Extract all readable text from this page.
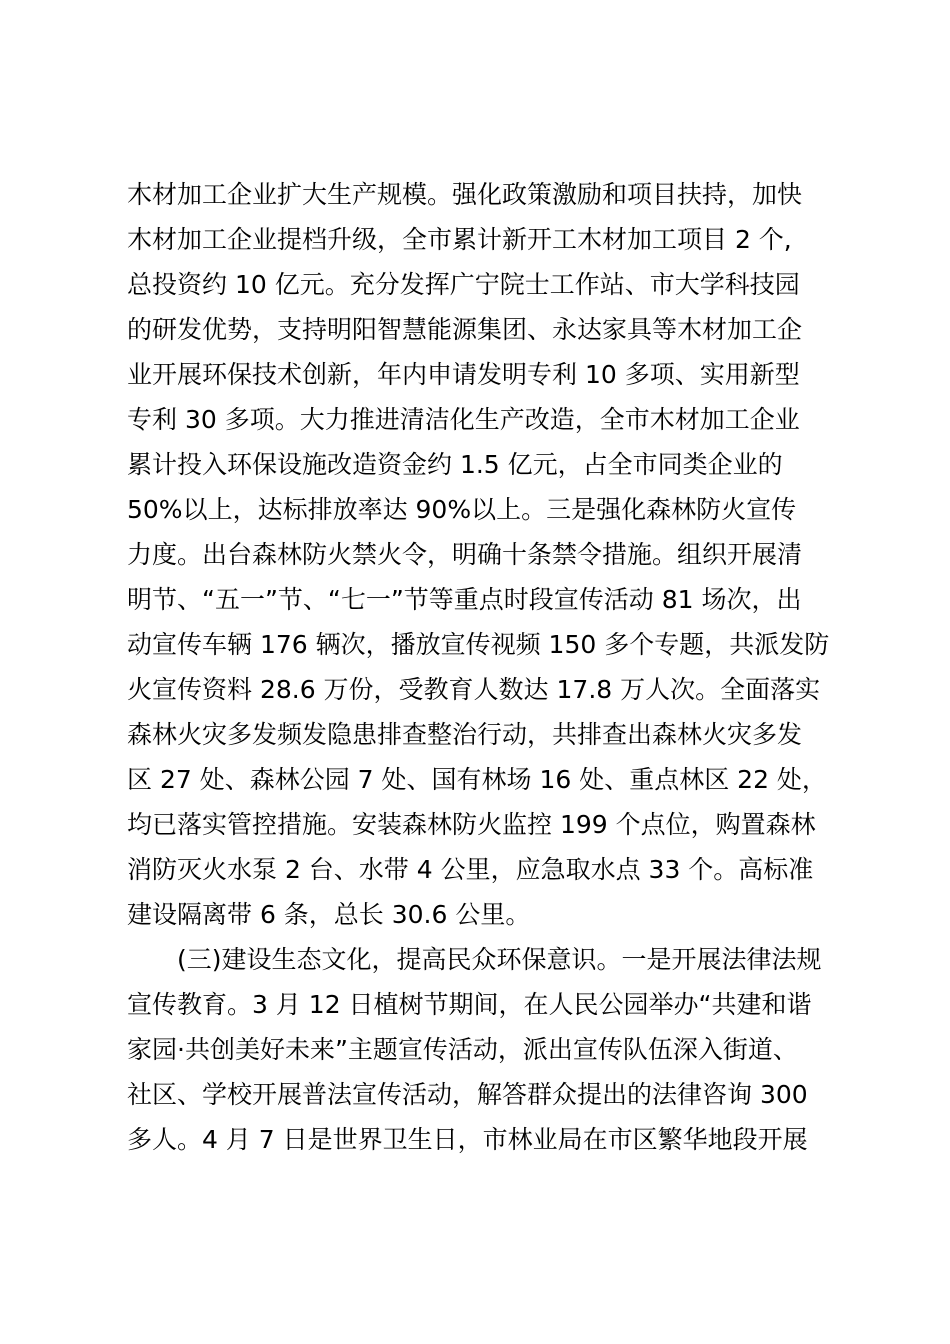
木材加工企业扩大生产规模。强化政策激励和项目扶持，加快
木材加工企业提档升级，全市累计新开工木材加工项目 2 个,
总投资约 10 亿元。充分发挥广宁院士工作站、市大学科技园
的研发优势，支持明阳智慧能源集团、永达家具等木材加工企
业开展环保技术创新，年内申请发明专利 10 多项、实用新型
专利 30 多项。大力推进清洁化生产改造，全市木材加工企业
累计投入环保设施改造资金约 1.5 亿元，占全市同类企业的
50%以上，达标排放率达 90%以上。三是强化森林防火宣传
力度。出台森林防火禁火令，明确十条禁令措施。组织开展清
明节、“五一”节、“七一”节等重点时段宣传活动 81 场次，出
动宣传车辆 176 辆次，播放宣传视频 150 多个专题，共派发防
火宣传资料 28.6 万份，受教育人数达 17.8 万人次。全面落实
森林火灾多发频发隐患排查整治行动，共排查出森林火灾多发
区 27 处、森林公园 7 处、国有林场 16 处、重点林区 22 处，
均已落实管控措施。安装森林防火监控 199 个点位，购置森林
消防灭火水泵 2 台、水带 4 公里，应急取水点 33 个。高标准
建设隔离带 6 条，总长 30.6 公里。
　　(三)建设生态文化，提高民众环保意识。一是开展法律法规
宣传教育。3 月 12 日植树节期间，在人民公园举办“共建和谐
家园·共创美好未来”主题宣传活动，派出宣传队伍深入街道、
社区、学校开展普法宣传活动，解答群众提出的法律咨询 300
多人。4 月 7 日是世界卫生日，市林业局在市区繁华地段开展
